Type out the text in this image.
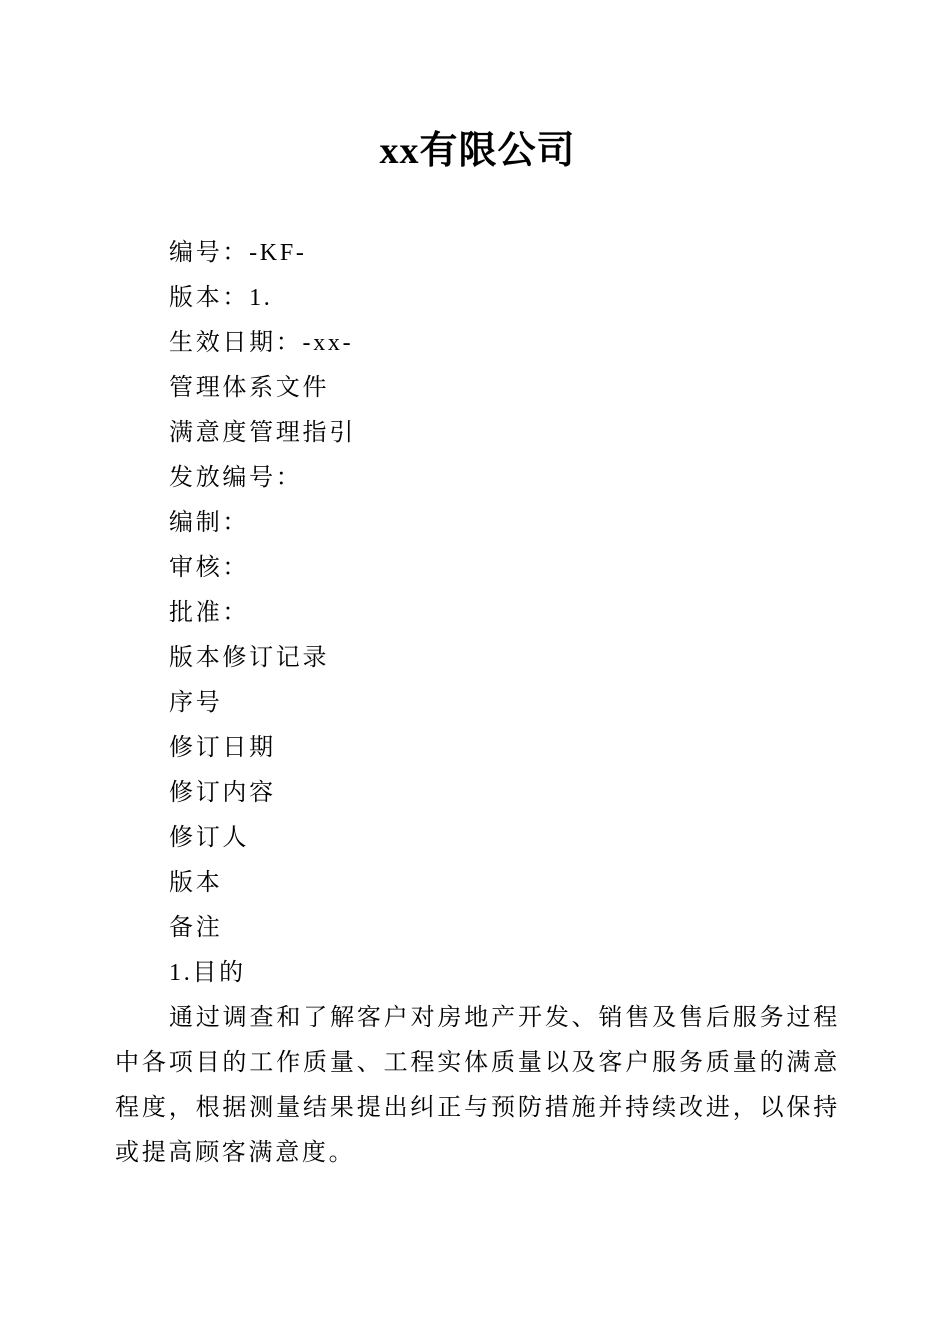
xx有限公司

编号：-KF-

版本：1.

生效日期：-xx-

管理体系文件

满意度管理指引

发放编号：

编制：

审核：

批准：

版本修订记录

序号

修订日期

修订内容

修订人

版本

备注

1.目的

通过调查和了解客户对房地产开发、销售及售后服务过程中各项目的工作质量、工程实体质量以及客户服务质量的满意程度，根据测量结果提出纠正与预防措施并持续改进，以保持或提高顾客满意度。
